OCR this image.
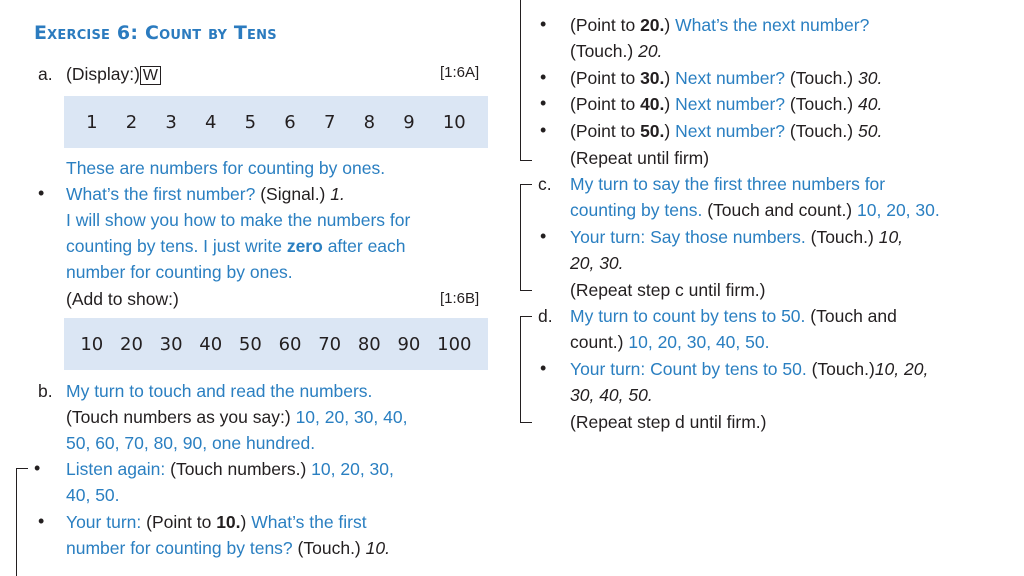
Exercise 6: Count by Tens
a. (Display:) W	[1:6A]
1 2 3 4 5 6 7 8 9 10
These are numbers for counting by ones.
• What’s the first number? (Signal.) 1.
I will show you how to make the numbers for
counting by tens. I just write zero after each
number for counting by ones.
(Add to show:)	[1:6B]
10 20 30 40 50 60 70 80 90 100
b. My turn to touch and read the numbers.
(Touch numbers as you say:) 10, 20, 30, 40,
50, 60, 70, 80, 90, one hundred.
• Listen again: (Touch numbers.) 10, 20, 30,
40, 50.
• Your turn: (Point to 10.) What’s the first
number for counting by tens? (Touch.) 10.
• (Point to 20.) What’s the next number?
(Touch.) 20.
• (Point to 30.) Next number? (Touch.) 30.
• (Point to 40.) Next number? (Touch.) 40.
• (Point to 50.) Next number? (Touch.) 50.
(Repeat until firm)
c. My turn to say the first three numbers for
counting by tens. (Touch and count.) 10, 20, 30.
• Your turn: Say those numbers. (Touch.) 10,
20, 30.
(Repeat step c until firm.)
d. My turn to count by tens to 50. (Touch and
count.) 10, 20, 30, 40, 50.
• Your turn: Count by tens to 50. (Touch.)10, 20,
30, 40, 50.
(Repeat step d until firm.)
